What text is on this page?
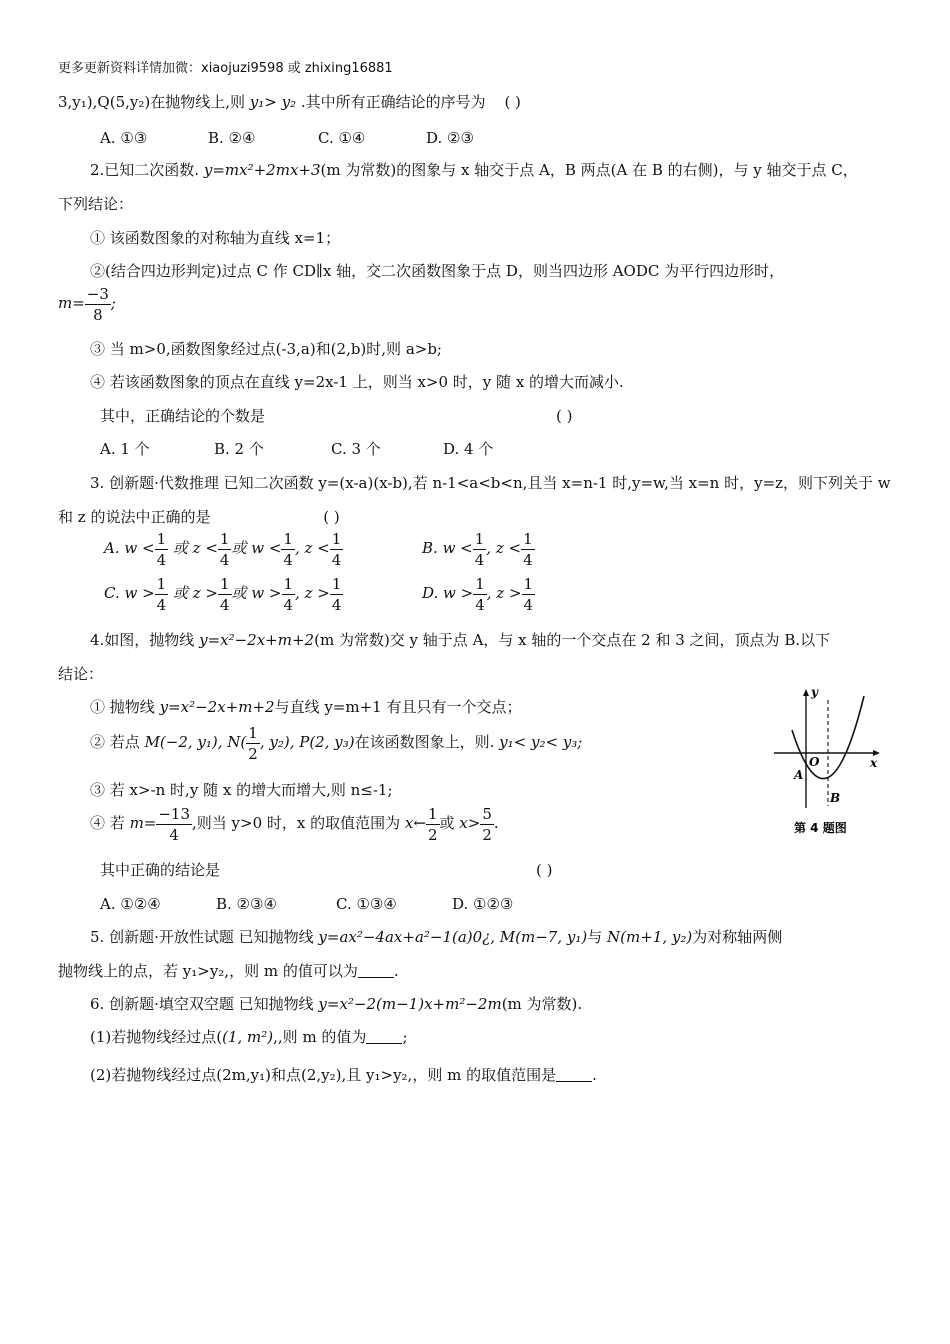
更多更新资料详情加微：xiaojuzi9598 或 zhixing16881
3,y₁),Q(5,y₂)在抛物线上,则 y₁> y₂ .其中所有正确结论的序号为 ( )
A. ①③	B. ②④	C. ①④	D. ②③
2.已知二次函数. y=mx²+2mx+3(m 为常数)的图象与 x 轴交于点 A，B 两点(A 在 B 的右侧)，与 y 轴交于点 C，
下列结论：
① 该函数图象的对称轴为直线 x=1；
②(结合四边形判定)过点 C 作 CD∥x 轴，交二次函数图象于点 D，则当四边形 AODC 为平行四边形时，
$m= \frac{-3}{8}$ ;
③ 当 m>0,函数图象经过点(-3,a)和(2,b)时,则 a>b;
④ 若该函数图象的顶点在直线 y=2x-1 上，则当 x>0 时，y 随 x 的增大而减小.
其中，正确结论的个数是	( )
A. 1 个	B. 2 个	C. 3 个	D. 4 个
3. 创新题·代数推理 已知二次函数 y=(x-a)(x-b),若 n-1<a<b<n,且当 x=n-1 时,y=w,当 x=n 时，y=z，则下列关于 w
和 z 的说法中正确的是	( )
A. $w < \frac{1}{4}$ 或 $z < \frac{1}{4}$ 或 $w < \frac{1}{4}$ , $z < \frac{1}{4}$	B. $w < \frac{1}{4}$ , $z < \frac{1}{4}$
C. $w > \frac{1}{4}$ 或 $z > \frac{1}{4}$ 或 $w > \frac{1}{4}$ , $z > \frac{1}{4}$	D. $w > \frac{1}{4}$ , $z > \frac{1}{4}$
4.如图，抛物线 y=x²−2x+m+2(m 为常数)交 y 轴于点 A，与 x 轴的一个交点在 2 和 3 之间，顶点为 B.以下
结论：
① 抛物线 y=x²−2x+m+2与直线 y=m+1 有且只有一个交点；
② 若点 M(−2, y₁), $N( \frac{1}{2}$ , y₂), P(2, y₃)在该函数图象上，则. y₁< y₂< y₃;
③ 若 x>-n 时,y 随 x 的增大而增大,则 n≤-1;
④ 若 $m= \frac{-13}{4}$ ,则当 y>0 时，x 的取值范围为 x← $\frac{1}{2}$ 或 $x> \frac{5}{2}$ .
其中正确的结论是	( )
A. ①②④	B. ②③④	C. ①③④	D. ①②③
y
x
O
A
B
第 4 题图
5. 创新题·开放性试题 已知抛物线 y=ax²−4ax+a²−1(a)0¿, M(m−7, y₁)与 N(m+1, y₂)为对称轴两侧
抛物线上的点，若 y₁>y₂,，则 m 的值可以为 .
6. 创新题·填空双空题 已知抛物线 y=x²−2(m−1)x+m²−2m(m 为常数).
(1)若抛物线经过点((1, m²),,则 m 的值为 ;
(2)若抛物线经过点(2m,y₁)和点(2,y₂),且 y₁>y₂,，则 m 的取值范围是 .
